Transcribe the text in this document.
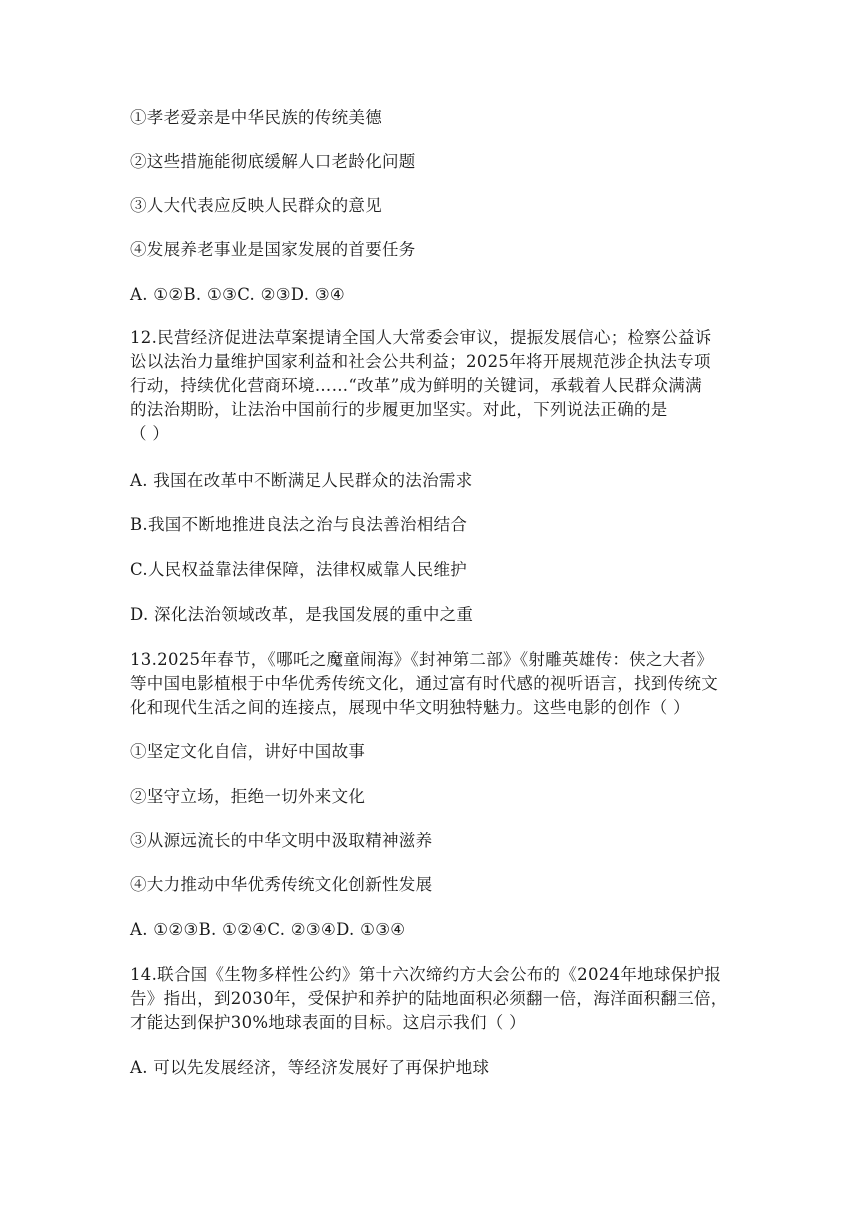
①孝老爱亲是中华民族的传统美德
②这些措施能彻底缓解人口老龄化问题
③人大代表应反映人民群众的意见
④发展养老事业是国家发展的首要任务
A. ①②B. ①③C. ②③D. ③④
12.民营经济促进法草案提请全国人大常委会审议，提振发展信心；检察公益诉
讼以法治力量维护国家利益和社会公共利益；2025年将开展规范涉企执法专项
行动，持续优化营商环境……“改革”成为鲜明的关键词，承载着人民群众满满
的法治期盼，让法治中国前行的步履更加坚实。对此，下列说法正确的是
（ ）
A. 我国在改革中不断满足人民群众的法治需求
B.我国不断地推进良法之治与良法善治相结合
C.人民权益靠法律保障，法律权威靠人民维护
D. 深化法治领域改革，是我国发展的重中之重
13.2025年春节，《哪吒之魔童闹海》《封神第二部》《射雕英雄传：侠之大者》
等中国电影植根于中华优秀传统文化，通过富有时代感的视听语言，找到传统文
化和现代生活之间的连接点，展现中华文明独特魅力。这些电影的创作（ ）
①坚定文化自信，讲好中国故事
②坚守立场，拒绝一切外来文化
③从源远流长的中华文明中汲取精神滋养
④大力推动中华优秀传统文化创新性发展
A. ①②③B. ①②④C. ②③④D. ①③④
14.联合国《生物多样性公约》第十六次缔约方大会公布的《2024年地球保护报
告》指出，到2030年，受保护和养护的陆地面积必须翻一倍，海洋面积翻三倍，
才能达到保护30%地球表面的目标。这启示我们（ ）
A. 可以先发展经济，等经济发展好了再保护地球
